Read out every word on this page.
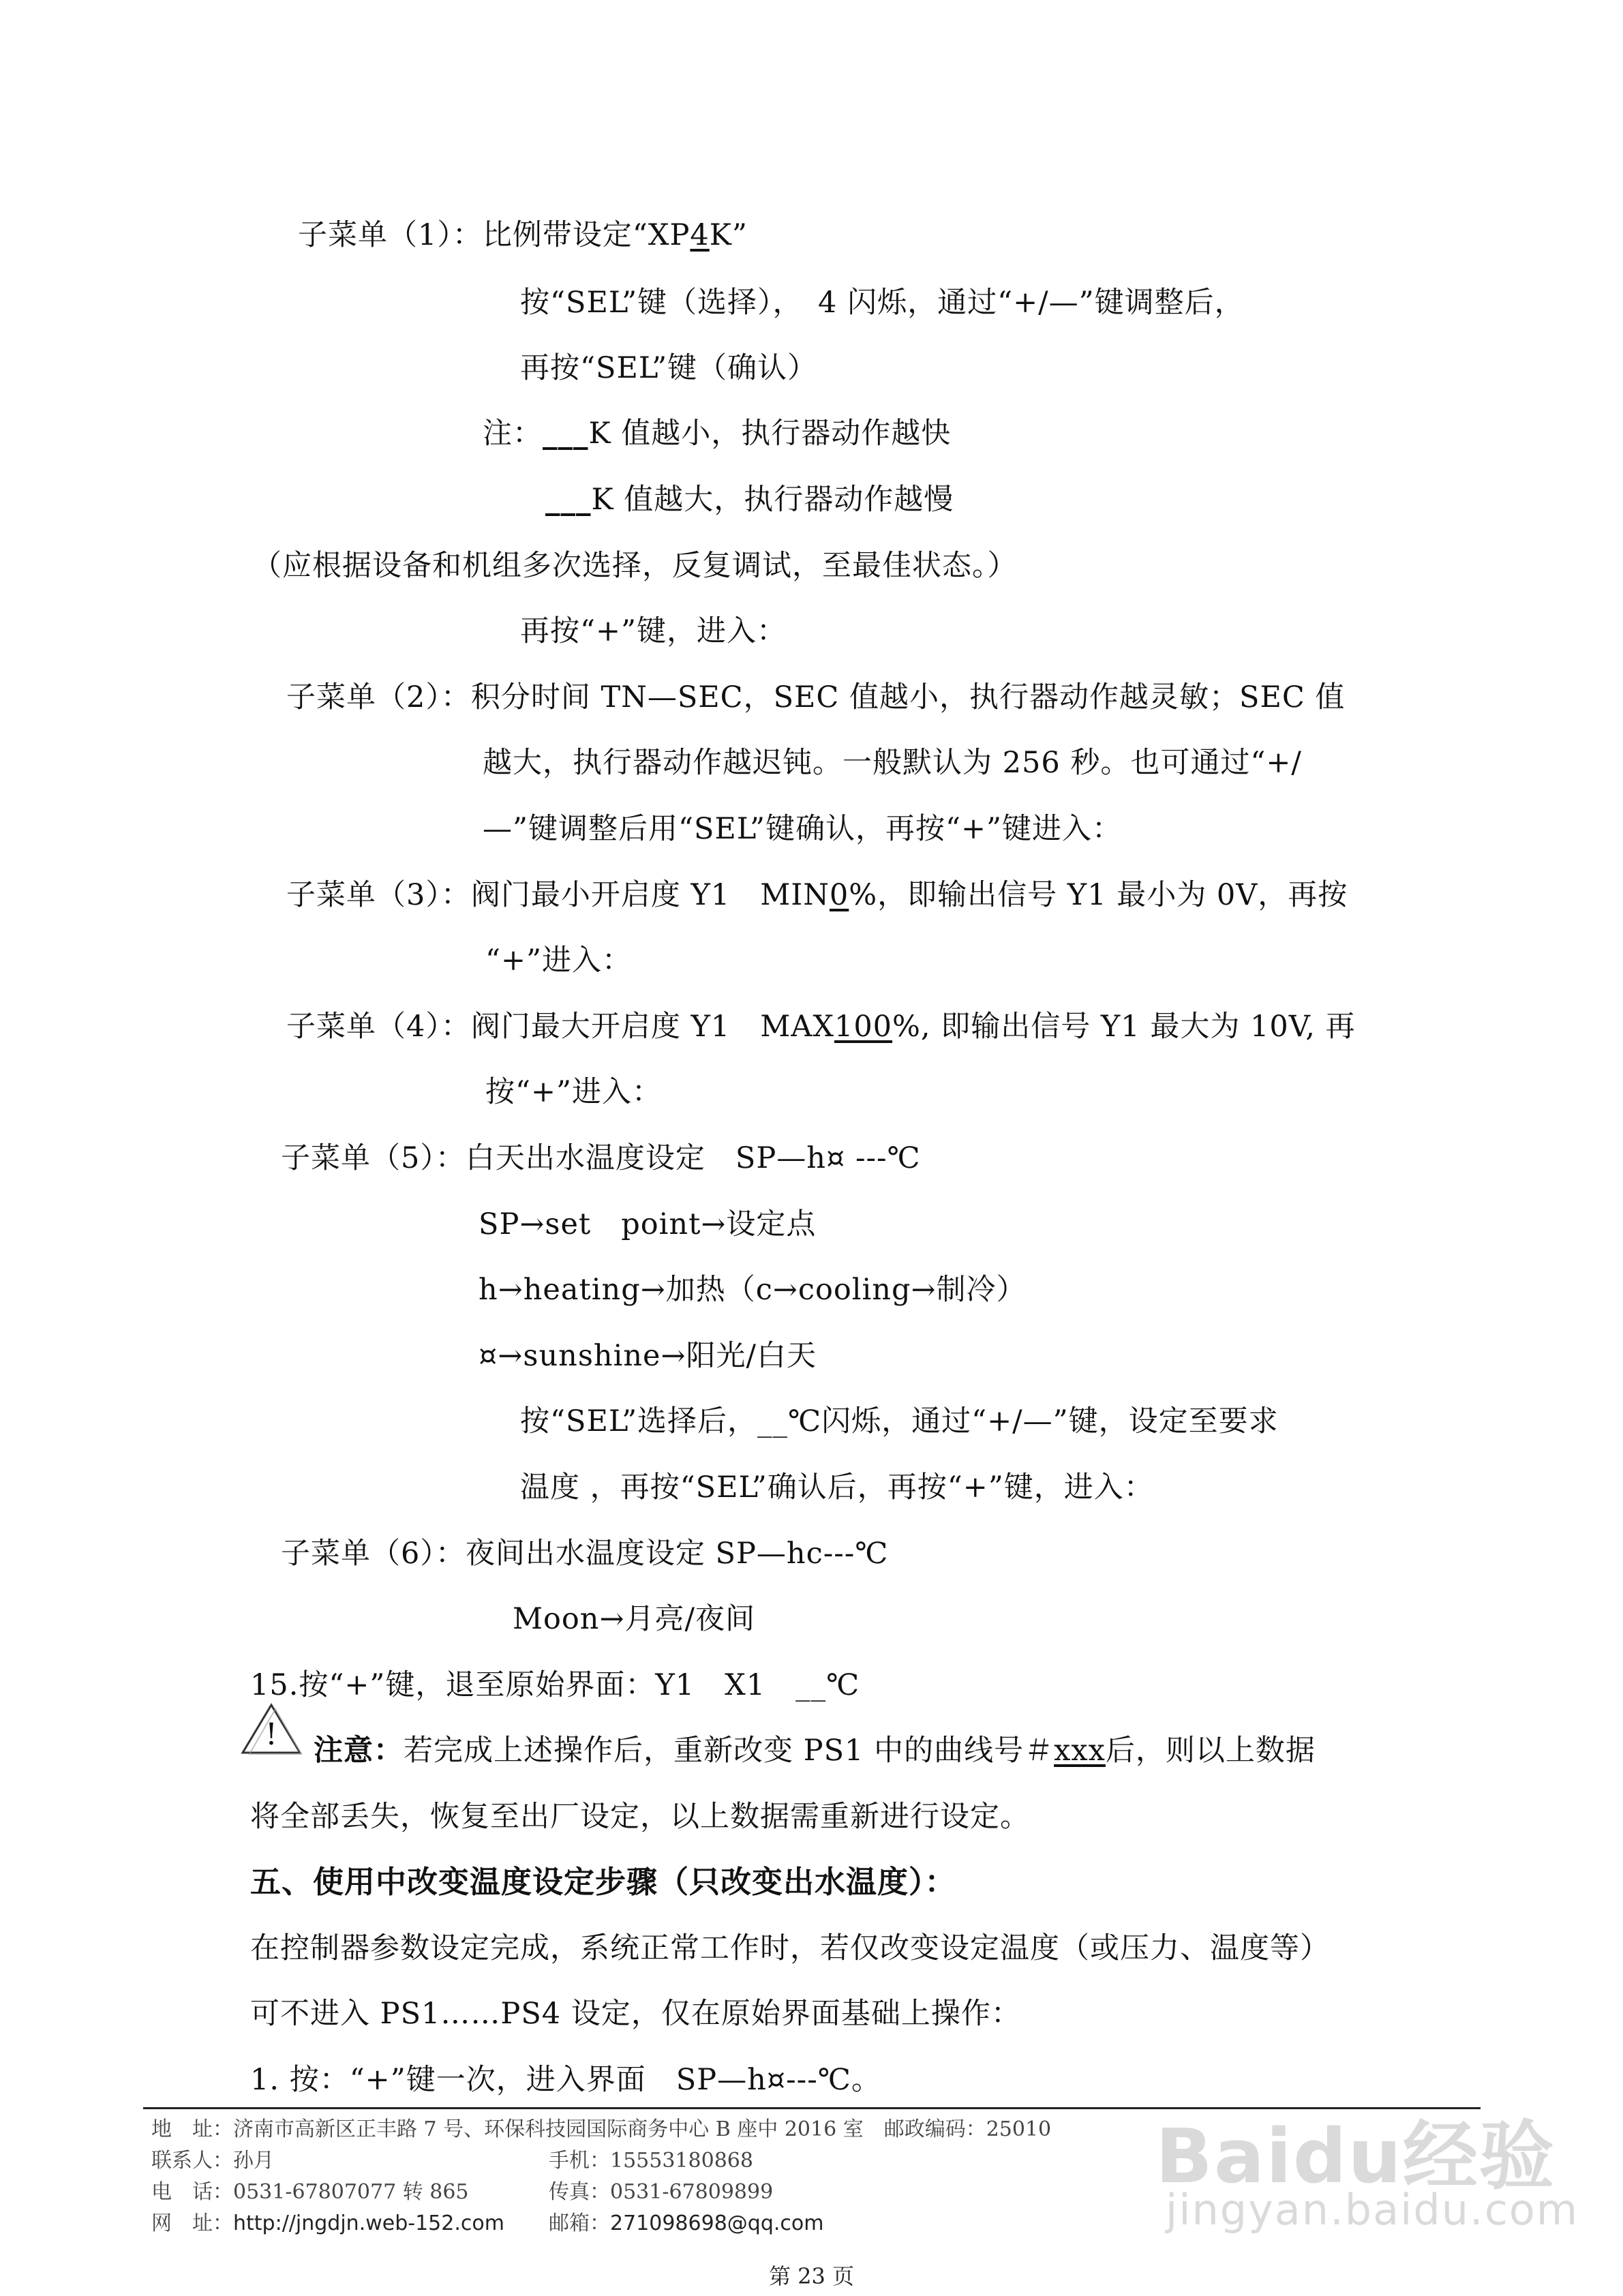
子菜单（1）：比例带设定“XP4K”
按“SEL”键（选择），　4 闪烁，通过“+/—”键调整后，
再按“SEL”键（确认）
注：___K 值越小，执行器动作越快
___K 值越大，执行器动作越慢
（应根据设备和机组多次选择，反复调试，至最佳状态。）
再按“+”键，进入：
子菜单（2）：积分时间 TN—SEC，SEC 值越小，执行器动作越灵敏；SEC 值
越大，执行器动作越迟钝。一般默认为 256 秒。也可通过“+/
—”键调整后用“SEL”键确认，再按“+”键进入：
子菜单（3）：阀门最小开启度 Y1　MIN0%，即输出信号 Y1 最小为 0V，再按
“+”进入：
子菜单（4）：阀门最大开启度 Y1　MAX100%, 即输出信号 Y1 最大为 10V, 再
按“+”进入：
子菜单（5）：白天出水温度设定　SP—h¤ ---℃
SP→set　point→设定点
h→heating→加热（c→cooling→制冷）
¤→sunshine→阳光/白天
按“SEL”选择后，__℃闪烁，通过“+/—”键，设定至要求
温度 ，再按“SEL”确认后，再按“+”键，进入：
子菜单（6）：夜间出水温度设定 SP—hc---℃
Moon→月亮/夜间
15.按“+”键，退至原始界面：Y1　X1　__℃
! 注意：若完成上述操作后，重新改变 PS1 中的曲线号＃xxx后，则以上数据
将全部丢失，恢复至出厂设定，以上数据需重新进行设定。
五、使用中改变温度设定步骤（只改变出水温度）：
在控制器参数设定完成，系统正常工作时，若仅改变设定温度（或压力、温度等）
可不进入 PS1……PS4 设定，仅在原始界面基础上操作：
1. 按：“+”键一次，进入界面　SP—h¤---℃。
地　址：济南市高新区正丰路 7 号、环保科技园国际商务中心 B 座中 2016 室　邮政编码：25010
联系人：孙月	手机：15553180868
电　话：0531-67807077 转 865	传真：0531-67809899
网　址：http://jngdjn.web-152.com 邮箱：271098698@qq.com
第 23 页
Baidu经验
jingyan.baidu.com
